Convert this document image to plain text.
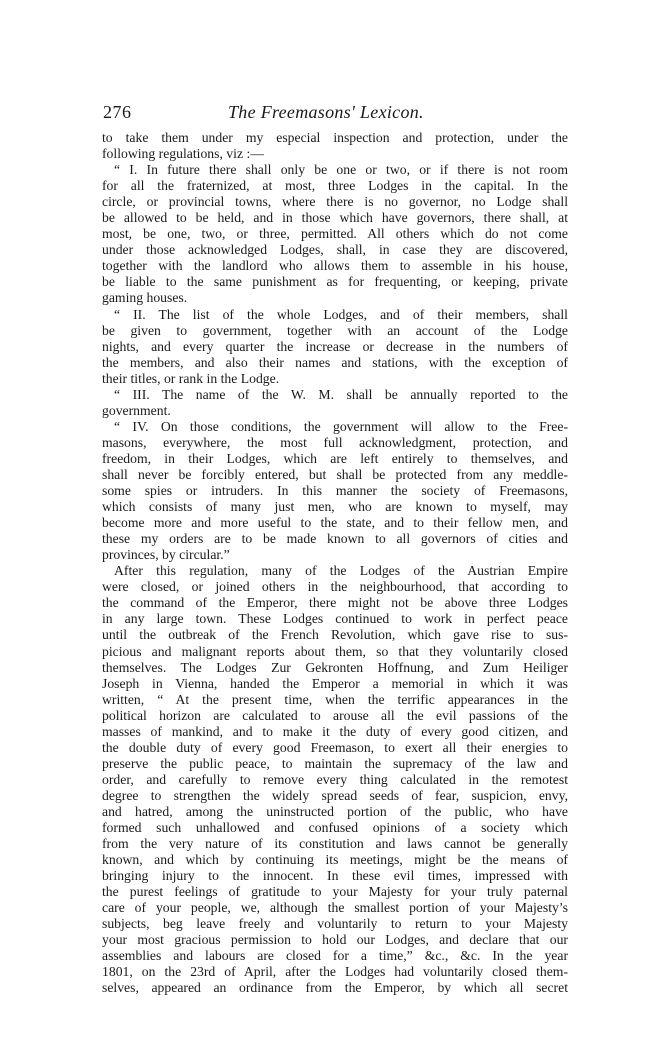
276	The Freemasons' Lexicon.
to take them under my especial inspection and protection, under the
following regulations, viz :—
“ I. In future there shall only be one or two, or if there is not room
for all the fraternized, at most, three Lodges in the capital. In the
circle, or provincial towns, where there is no governor, no Lodge shall
be allowed to be held, and in those which have governors, there shall, at
most, be one, two, or three, permitted. All others which do not come
under those acknowledged Lodges, shall, in case they are discovered,
together with the landlord who allows them to assemble in his house,
be liable to the same punishment as for frequenting, or keeping, private
gaming houses.
“ II. The list of the whole Lodges, and of their members, shall
be given to government, together with an account of the Lodge
nights, and every quarter the increase or decrease in the numbers of
the members, and also their names and stations, with the exception of
their titles, or rank in the Lodge.
“ III. The name of the W. M. shall be annually reported to the
government.
“ IV. On those conditions, the government will allow to the Free-
masons, everywhere, the most full acknowledgment, protection, and
freedom, in their Lodges, which are left entirely to themselves, and
shall never be forcibly entered, but shall be protected from any meddle-
some spies or intruders. In this manner the society of Freemasons,
which consists of many just men, who are known to myself, may
become more and more useful to the state, and to their fellow men, and
these my orders are to be made known to all governors of cities and
provinces, by circular.”
After this regulation, many of the Lodges of the Austrian Empire
were closed, or joined others in the neighbourhood, that according to
the command of the Emperor, there might not be above three Lodges
in any large town. These Lodges continued to work in perfect peace
until the outbreak of the French Revolution, which gave rise to sus-
picious and malignant reports about them, so that they voluntarily closed
themselves. The Lodges Zur Gekronten Hoffnung, and Zum Heiliger
Joseph in Vienna, handed the Emperor a memorial in which it was
written, “ At the present time, when the terrific appearances in the
political horizon are calculated to arouse all the evil passions of the
masses of mankind, and to make it the duty of every good citizen, and
the double duty of every good Freemason, to exert all their energies to
preserve the public peace, to maintain the supremacy of the law and
order, and carefully to remove every thing calculated in the remotest
degree to strengthen the widely spread seeds of fear, suspicion, envy,
and hatred, among the uninstructed portion of the public, who have
formed such unhallowed and confused opinions of a society which
from the very nature of its constitution and laws cannot be generally
known, and which by continuing its meetings, might be the means of
bringing injury to the innocent. In these evil times, impressed with
the purest feelings of gratitude to your Majesty for your truly paternal
care of your people, we, although the smallest portion of your Majesty’s
subjects, beg leave freely and voluntarily to return to your Majesty
your most gracious permission to hold our Lodges, and declare that our
assemblies and labours are closed for a time,” &c., &c. In the year
1801, on the 23rd of April, after the Lodges had voluntarily closed them-
selves, appeared an ordinance from the Emperor, by which all secret
